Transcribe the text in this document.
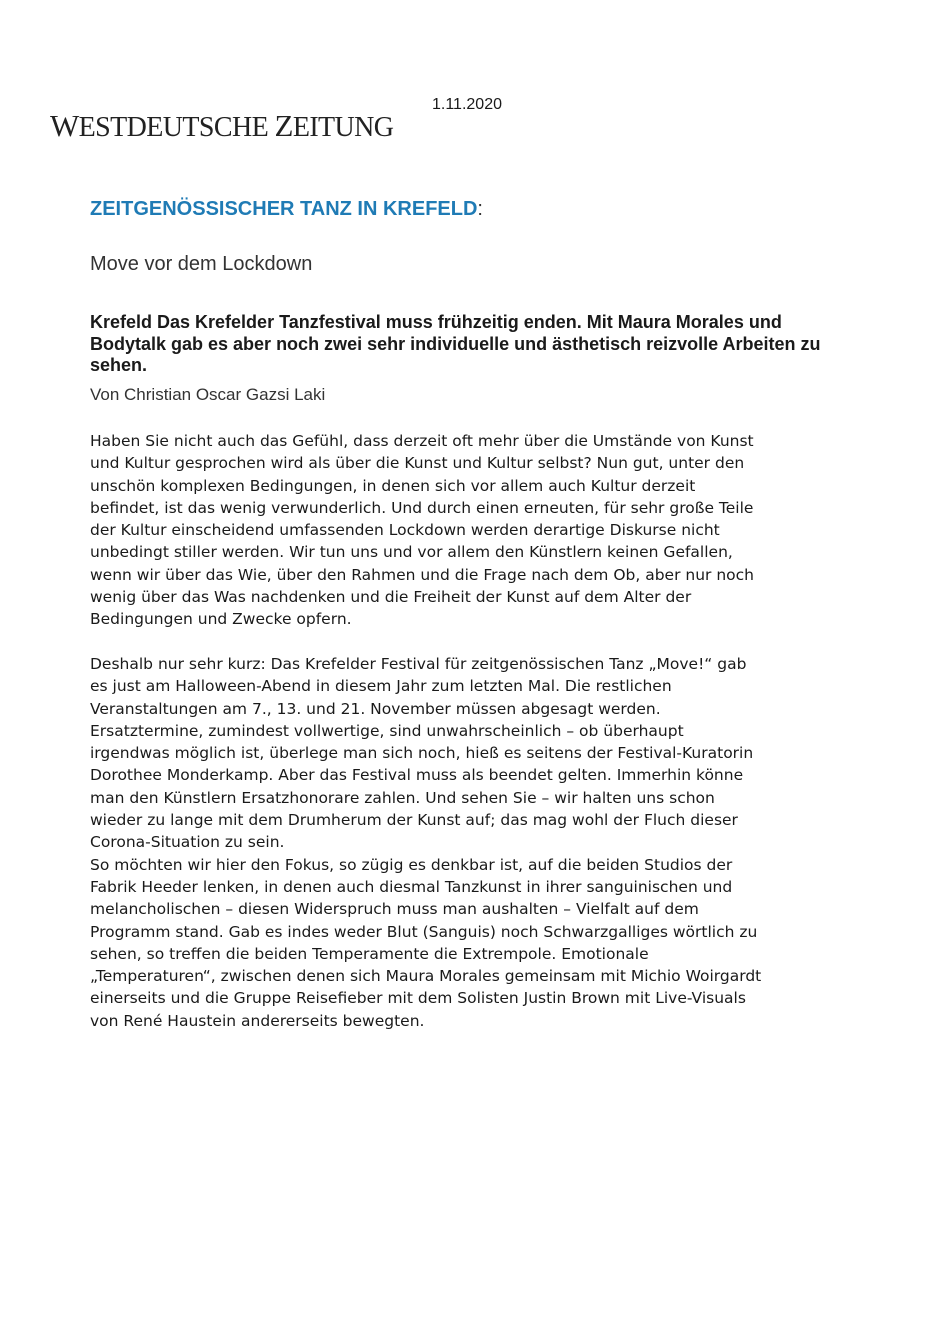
WESTDEUTSCHE ZEITUNG
1.11.2020
ZEITGENÖSSISCHER TANZ IN KREFELD:
Move vor dem Lockdown
Krefeld Das Krefelder Tanzfestival muss frühzeitig enden. Mit Maura Morales und Bodytalk gab es aber noch zwei sehr individuelle und ästhetisch reizvolle Arbeiten zu sehen.
Von Christian Oscar Gazsi Laki
Haben Sie nicht auch das Gefühl, dass derzeit oft mehr über die Umstände von Kunst
und Kultur gesprochen wird als über die Kunst und Kultur selbst? Nun gut, unter den
unschön komplexen Bedingungen, in denen sich vor allem auch Kultur derzeit
befindet, ist das wenig verwunderlich. Und durch einen erneuten, für sehr große Teile
der Kultur einscheidend umfassenden Lockdown werden derartige Diskurse nicht
unbedingt stiller werden. Wir tun uns und vor allem den Künstlern keinen Gefallen,
wenn wir über das Wie, über den Rahmen und die Frage nach dem Ob, aber nur noch
wenig über das Was nachdenken und die Freiheit der Kunst auf dem Alter der
Bedingungen und Zwecke opfern.
Deshalb nur sehr kurz: Das Krefelder Festival für zeitgenössischen Tanz „Move!“ gab
es just am Halloween-Abend in diesem Jahr zum letzten Mal. Die restlichen
Veranstaltungen am 7., 13. und 21. November müssen abgesagt werden.
Ersatztermine, zumindest vollwertige, sind unwahrscheinlich – ob überhaupt
irgendwas möglich ist, überlege man sich noch, hieß es seitens der Festival-Kuratorin
Dorothee Monderkamp. Aber das Festival muss als beendet gelten. Immerhin könne
man den Künstlern Ersatzhonorare zahlen. Und sehen Sie – wir halten uns schon
wieder zu lange mit dem Drumherum der Kunst auf; das mag wohl der Fluch dieser
Corona-Situation zu sein.
So möchten wir hier den Fokus, so zügig es denkbar ist, auf die beiden Studios der
Fabrik Heeder lenken, in denen auch diesmal Tanzkunst in ihrer sanguinischen und
melancholischen – diesen Widerspruch muss man aushalten – Vielfalt auf dem
Programm stand. Gab es indes weder Blut (Sanguis) noch Schwarzgalliges wörtlich zu
sehen, so treffen die beiden Temperamente die Extrempole. Emotionale
„Temperaturen“, zwischen denen sich Maura Morales gemeinsam mit Michio Woirgardt
einerseits und die Gruppe Reisefieber mit dem Solisten Justin Brown mit Live-Visuals
von René Haustein andererseits bewegten.
